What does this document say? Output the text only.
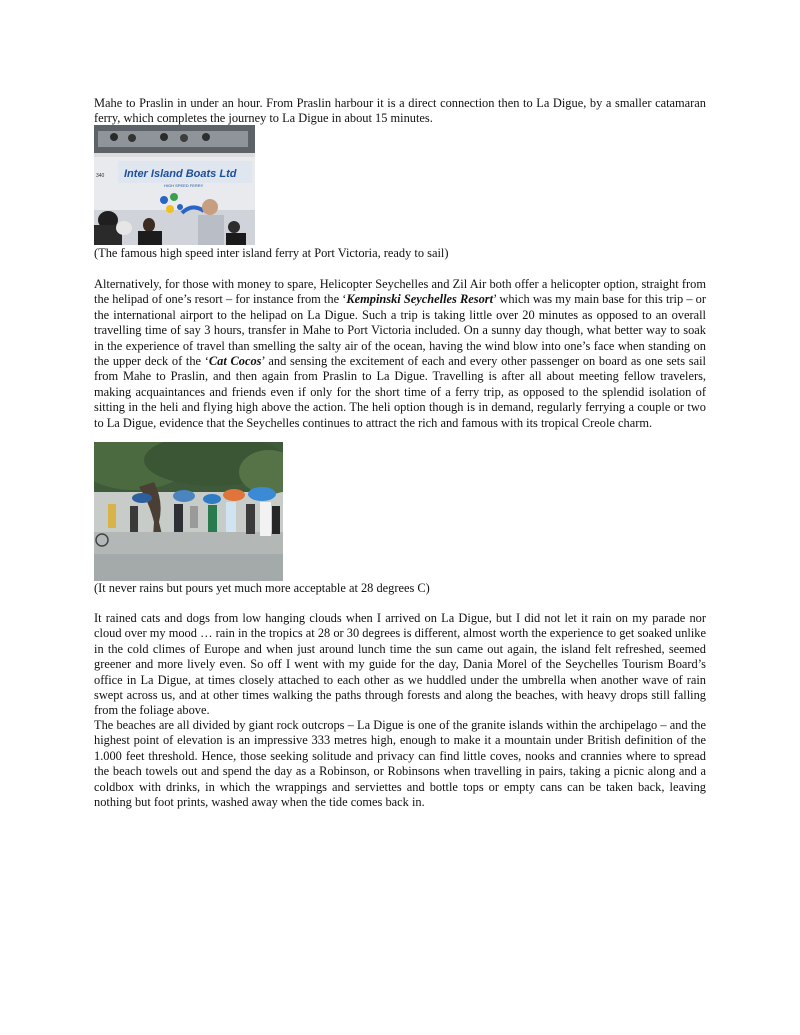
Mahe to Praslin in under an hour. From Praslin harbour it is a direct connection then to La Digue, by a smaller catamaran ferry, which completes the journey to La Digue in about 15 minutes.

Inter Island Boats Ltd
HIGH SPEED FERRY
340

(The famous high speed inter island ferry at Port Victoria, ready to sail)

Alternatively, for those with money to spare, Helicopter Seychelles and Zil Air both offer a helicopter option, straight from the helipad of one’s resort – for instance from the ‘Kempinski Seychelles Resort’ which was my main base for this trip – or the international airport to the helipad on La Digue. Such a trip is taking little over 20 minutes as opposed to an overall travelling time of say 3 hours, transfer in Mahe to Port Victoria included. On a sunny day though, what better way to soak in the experience of travel than smelling the salty air of the ocean, having the wind blow into one’s face when standing on the upper deck of the ‘Cat Cocos’ and sensing the excitement of each and every other passenger on board as one sets sail from Mahe to Praslin, and then again from Praslin to La Digue. Travelling is after all about meeting fellow travelers, making acquaintances and friends even if only for the short time of a ferry trip, as opposed to the splendid isolation of sitting in the heli and flying high above the action. The heli option though is in demand, regularly ferrying a couple or two to La Digue, evidence that the Seychelles continues to attract the rich and famous with its tropical Creole charm.

(It never rains but pours yet much more acceptable at 28 degrees C)

It rained cats and dogs from low hanging clouds when I arrived on La Digue, but I did not let it rain on my parade nor cloud over my mood … rain in the tropics at 28 or 30 degrees is different, almost worth the experience to get soaked unlike in the cold climes of Europe and when just around lunch time the sun came out again, the island felt refreshed, seemed greener and more lively even. So off I went with my guide for the day, Dania Morel of the Seychelles Tourism Board’s office in La Digue, at times closely attached to each other as we huddled under the umbrella when another wave of rain swept across us, and at other times walking the paths through forests and along the beaches, with heavy drops still falling from the foliage above.

The beaches are all divided by giant rock outcrops – La Digue is one of the granite islands within the archipelago – and the highest point of elevation is an impressive 333 metres high, enough to make it a mountain under British definition of the 1.000 feet threshold. Hence, those seeking solitude and privacy can find little coves, nooks and crannies where to spread the beach towels out and spend the day as a Robinson, or Robinsons when travelling in pairs, taking a picnic along and a coldbox with drinks, in which the wrappings and serviettes and bottle tops or empty cans can be taken back, leaving nothing but foot prints, washed away when the tide comes back in.
